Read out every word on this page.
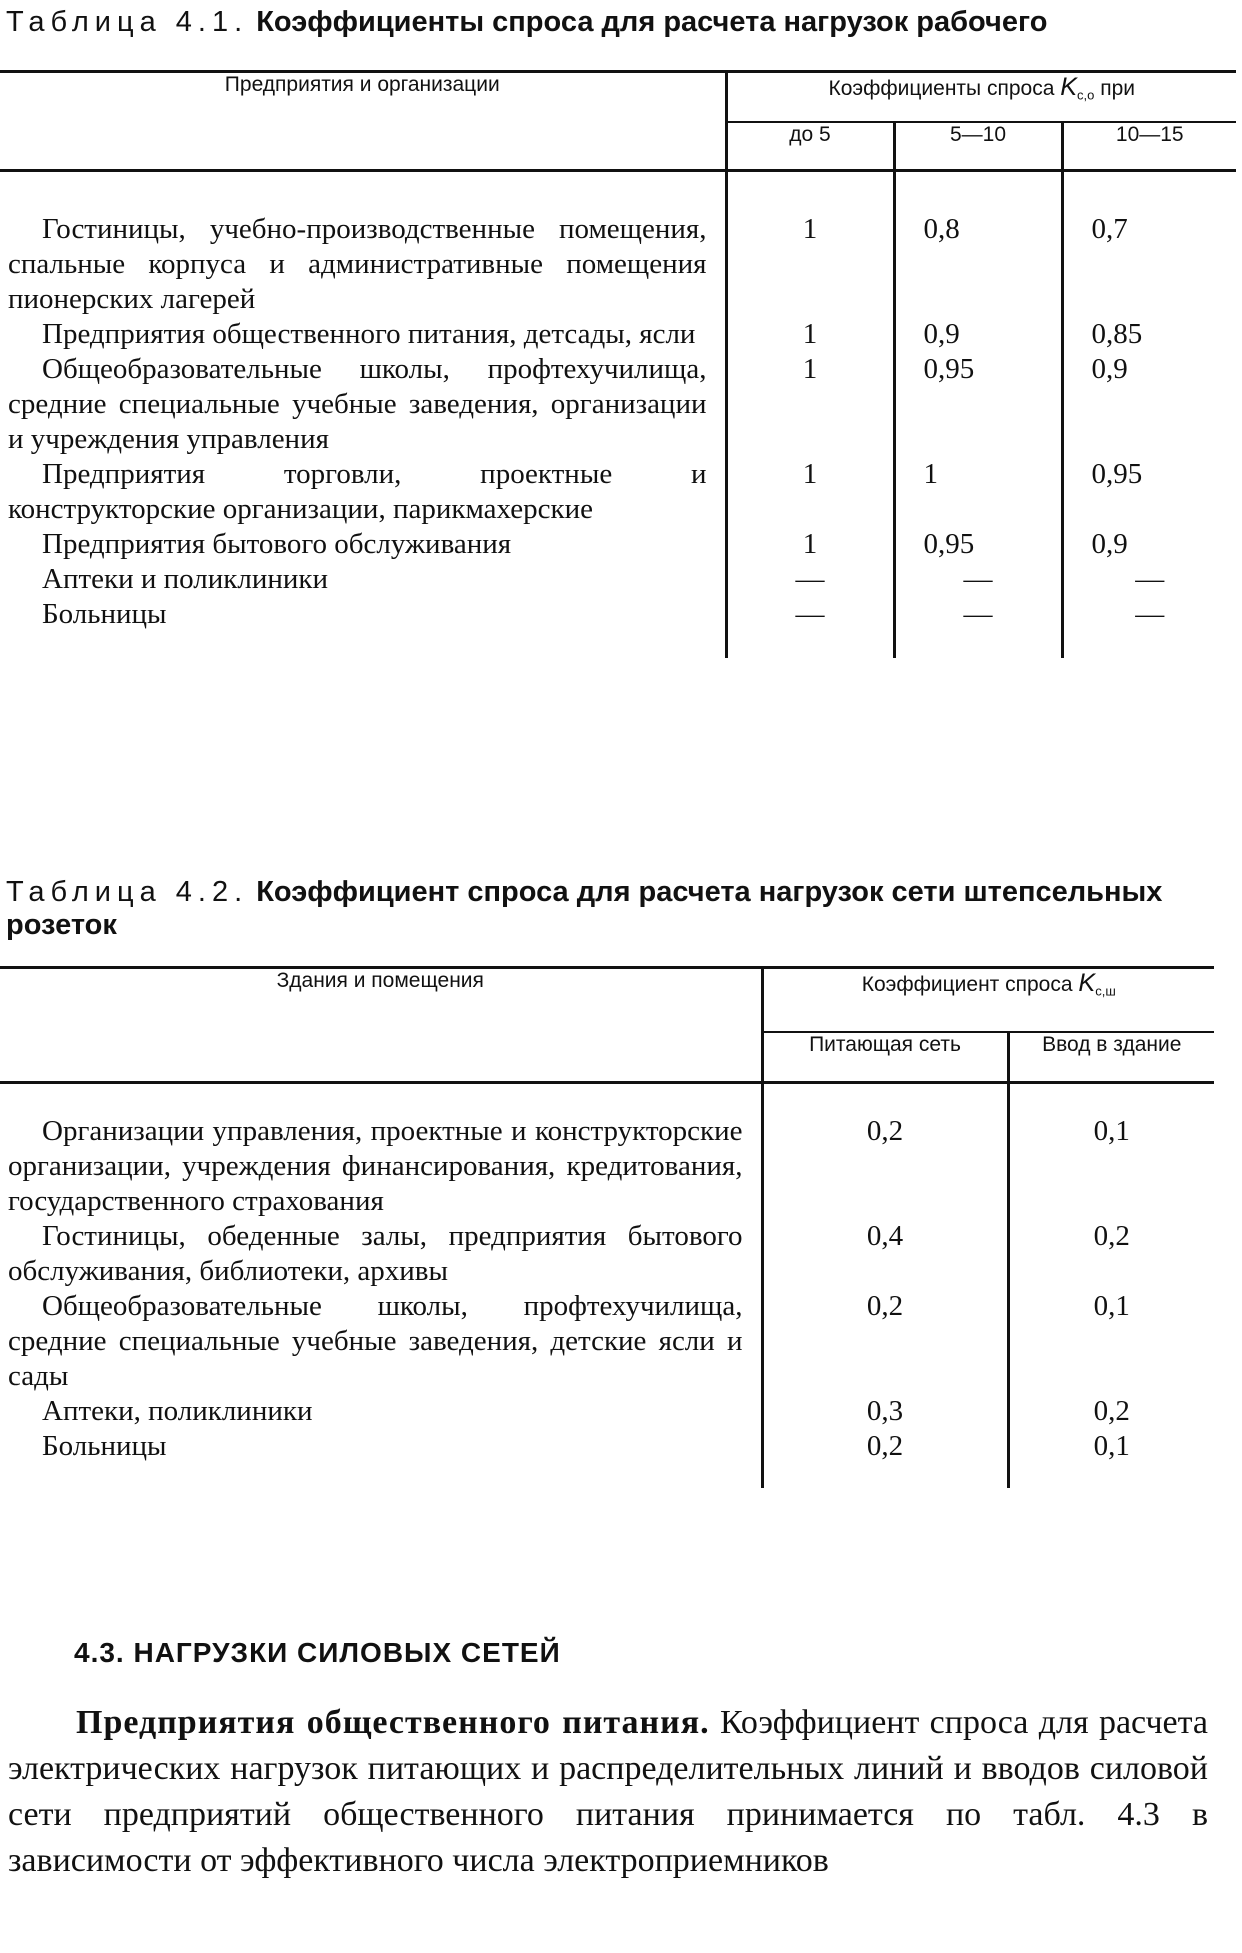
Таблица 4.1. Коэффициенты спроса для расчета нагрузок рабочего
Предприятия и организации	Коэффициенты спроса $K_{с,о}$ при		
	до 5	5—10	10—15

Гостиницы, учебно-производственные помещения, спальные корпуса и административные помещения пионерских лагерей	1	0,8	0,7

Предприятия общественного питания, детсады, ясли	1	0,9	0,85

Общеобразовательные школы, профтехучилища, средние специальные учебные заведения, организации и учреждения управления	1	0,95	0,9

Предприятия торговли, проектные и конструкторские организации, парикмахерские	1	1	0,95

Предприятия бытового обслуживания	1	0,95	0,9

Аптеки и поликлиники	—	—	—

Больницы	—	—	—
Таблица 4.2. Коэффициент спроса для расчета нагрузок сети штепсельных розеток
Здания и помещения	Коэффициент спроса $K_{с,ш}$
	Питающая сеть	Ввод в здание

Организации управления, проектные и конструкторские организации, учреждения финансирования, кредитования, государственного страхования	0,2	0,1

Гостиницы, обеденные залы, предприятия бытового обслуживания, библиотеки, архивы	0,4	0,2

Общеобразовательные школы, профтехучилища, средние специальные учебные заведения, детские ясли и сады	0,2	0,1

Аптеки, поликлиники	0,3	0,2

Больницы	0,2	0,1
4.3. НАГРУЗКИ СИЛОВЫХ СЕТЕЙ
Предприятия общественного питания. Коэффициент спроса для расчета электрических нагрузок питающих и распределительных линий и вводов силовой сети предприятий общественного питания принимается по табл. 4.3 в зависимости от эффективного числа электроприемников
